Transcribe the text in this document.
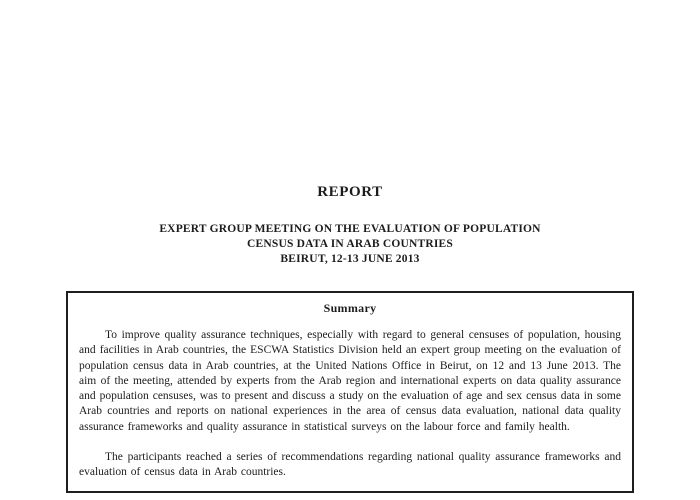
REPORT
EXPERT GROUP MEETING ON THE EVALUATION OF POPULATION
CENSUS DATA IN ARAB COUNTRIES
BEIRUT, 12-13 JUNE 2013
Summary

To improve quality assurance techniques, especially with regard to general censuses of population, housing and facilities in Arab countries, the ESCWA Statistics Division held an expert group meeting on the evaluation of population census data in Arab countries, at the United Nations Office in Beirut, on 12 and 13 June 2013. The aim of the meeting, attended by experts from the Arab region and international experts on data quality assurance and population censuses, was to present and discuss a study on the evaluation of age and sex census data in some Arab countries and reports on national experiences in the area of census data evaluation, national data quality assurance frameworks and quality assurance in statistical surveys on the labour force and family health.

The participants reached a series of recommendations regarding national quality assurance frameworks and evaluation of census data in Arab countries.
